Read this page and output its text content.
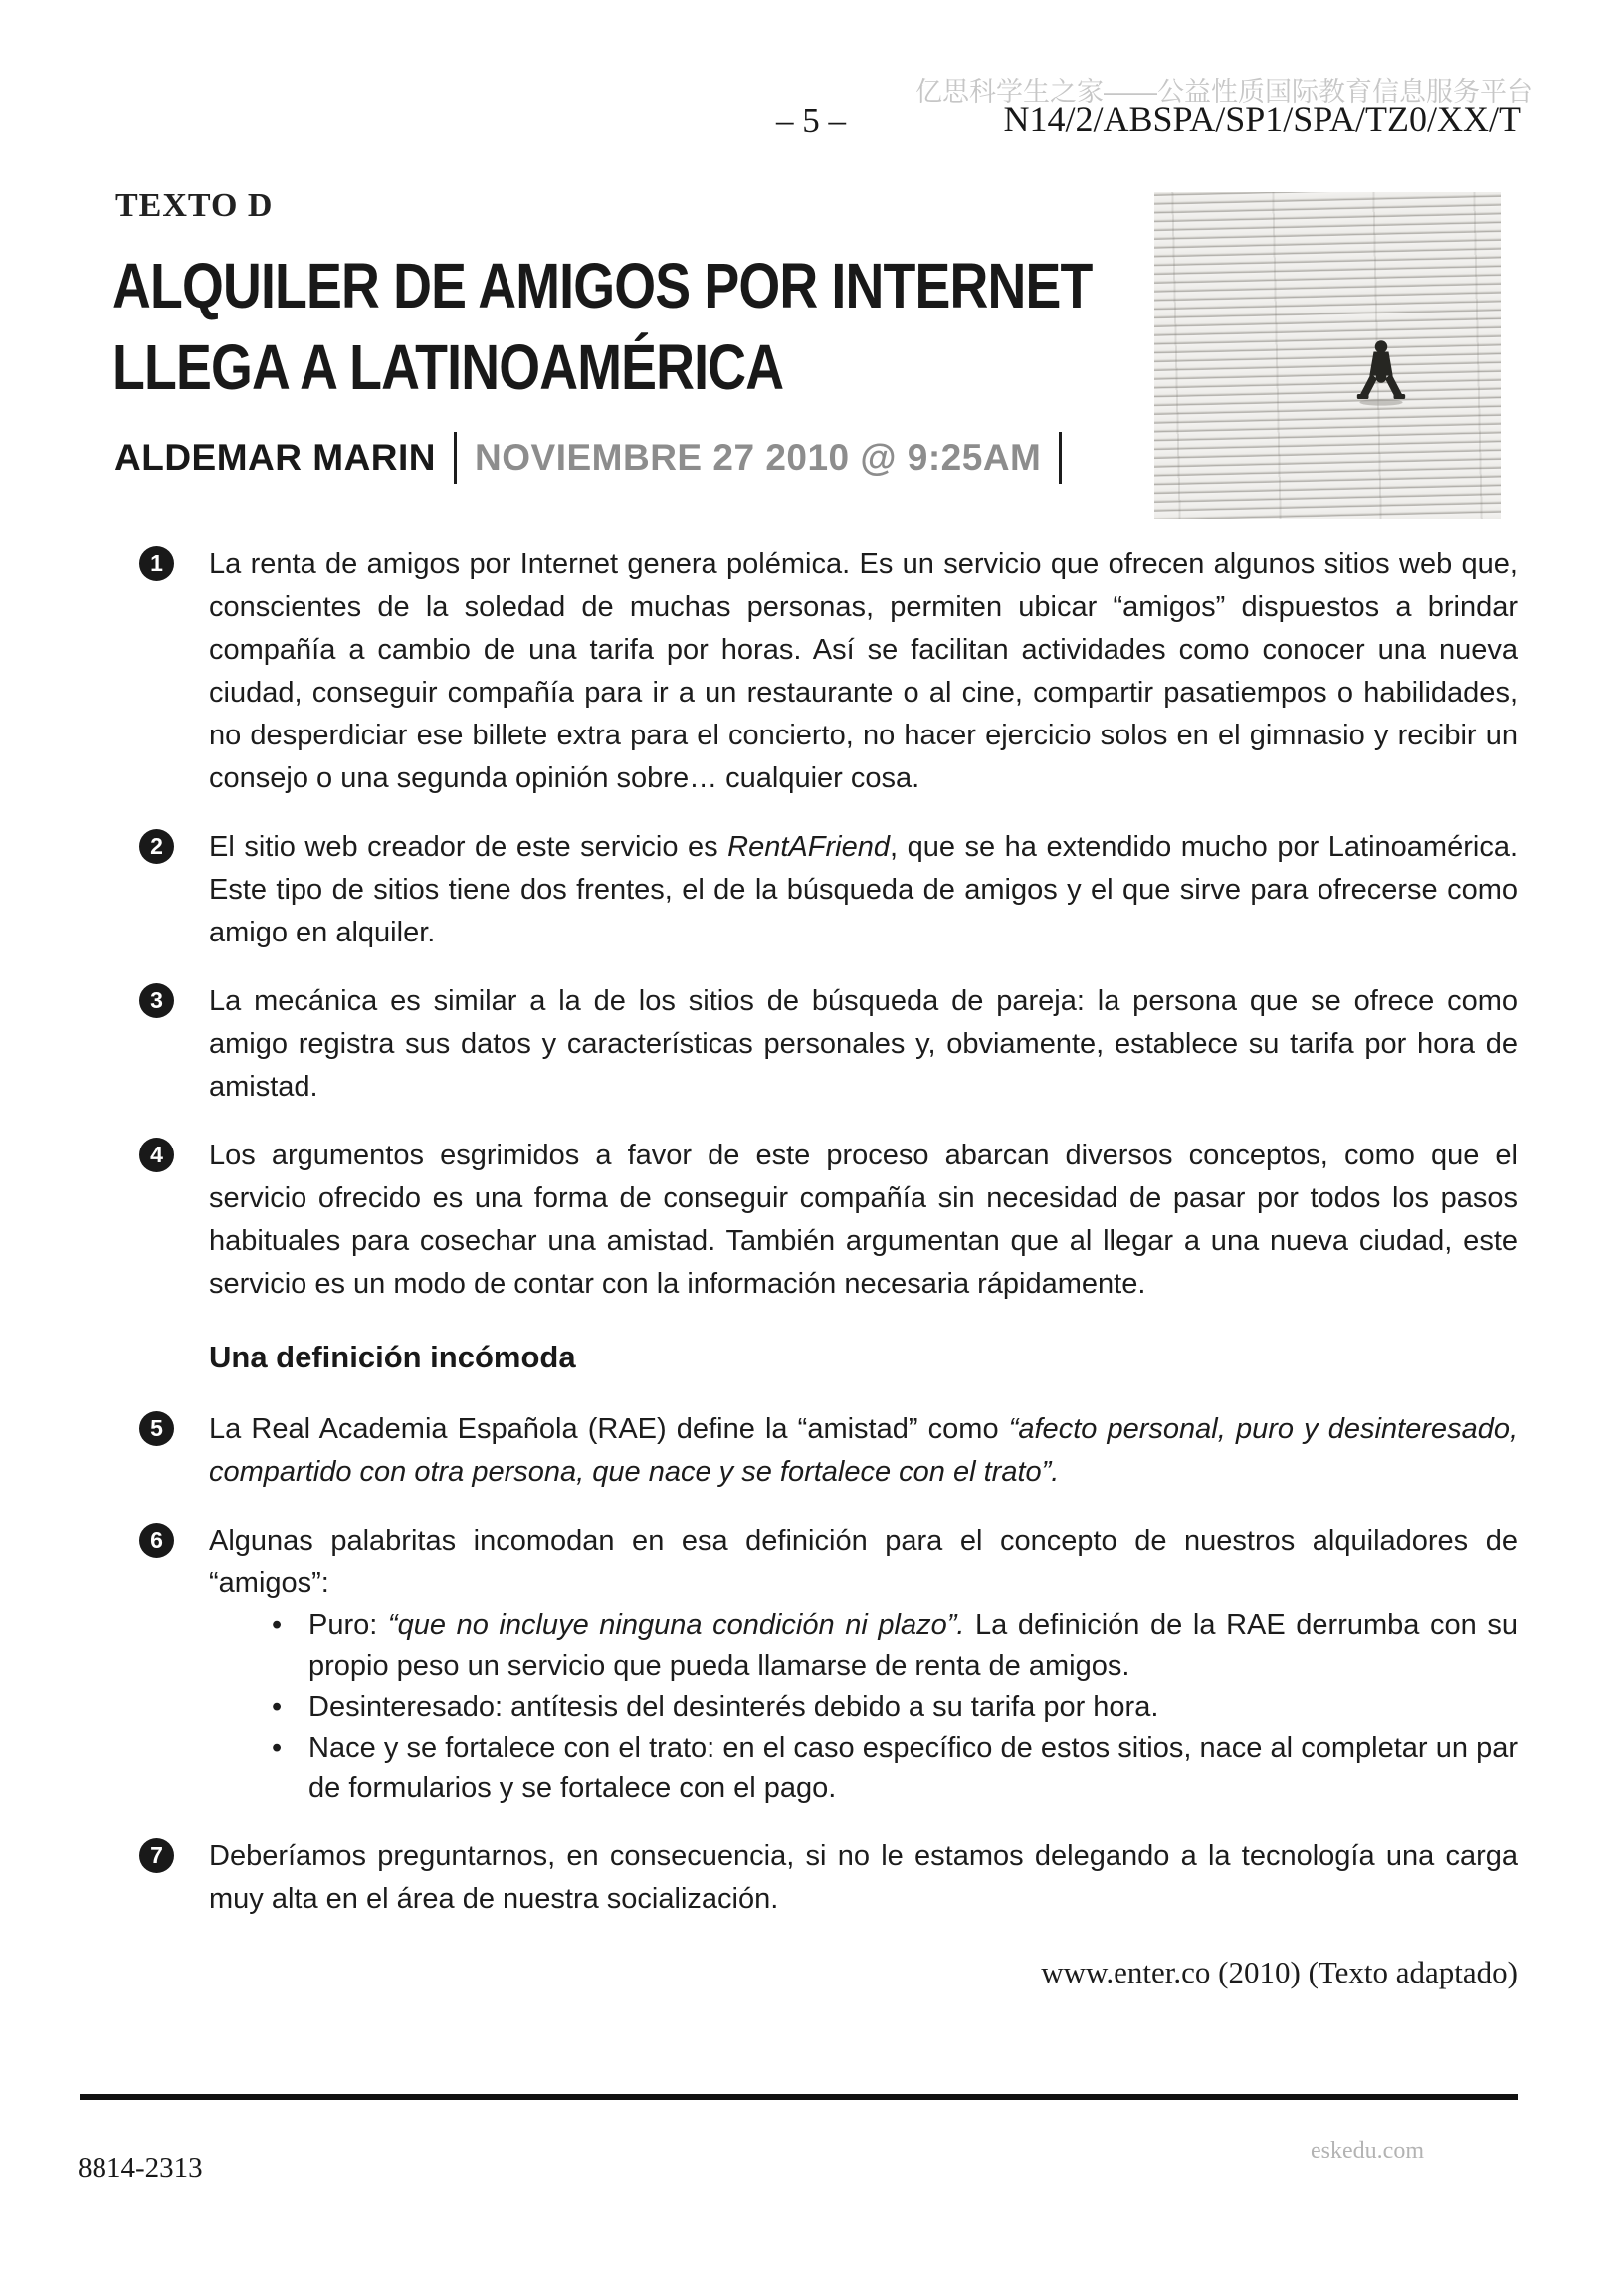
亿思科学生之家——公益性质国际教育信息服务平台
– 5 –	N14/2/ABSPA/SP1/SPA/TZ0/XX/T
TEXTO D
ALQUILER DE AMIGOS POR INTERNET
LLEGA A LATINOAMÉRICA
ALDEMAR MARIN NOVIEMBRE 27 2010 @ 9:25AM
1	La renta de amigos por Internet genera polémica. Es un servicio que ofrecen algunos sitios web que, conscientes de la soledad de muchas personas, permiten ubicar “amigos” dispuestos a brindar compañía a cambio de una tarifa por horas. Así se facilitan actividades como conocer una nueva ciudad, conseguir compañía para ir a un restaurante o al cine, compartir pasatiempos o habilidades, no desperdiciar ese billete extra para el concierto, no hacer ejercicio solos en el gimnasio y recibir un consejo o una segunda opinión sobre… cualquier cosa.
2	El sitio web creador de este servicio es RentAFriend, que se ha extendido mucho por Latinoamérica. Este tipo de sitios tiene dos frentes, el de la búsqueda de amigos y el que sirve para ofrecerse como amigo en alquiler.
3	La mecánica es similar a la de los sitios de búsqueda de pareja: la persona que se ofrece como amigo registra sus datos y características personales y, obviamente, establece su tarifa por hora de amistad.
4	Los argumentos esgrimidos a favor de este proceso abarcan diversos conceptos, como que el servicio ofrecido es una forma de conseguir compañía sin necesidad de pasar por todos los pasos habituales para cosechar una amistad. También argumentan que al llegar a una nueva ciudad, este servicio es un modo de contar con la información necesaria rápidamente.
Una definición incómoda
5	La Real Academia Española (RAE) define la “amistad” como “afecto personal, puro y desinteresado, compartido con otra persona, que nace y se fortalece con el trato”.
6	Algunas palabritas incomodan en esa definición para el concepto de nuestros alquiladores de “amigos”:
• Puro: “que no incluye ninguna condición ni plazo”. La definición de la RAE derrumba con su propio peso un servicio que pueda llamarse de renta de amigos.
• Desinteresado: antítesis del desinterés debido a su tarifa por hora.
• Nace y se fortalece con el trato: en el caso específico de estos sitios, nace al completar un par de formularios y se fortalece con el pago.
7	Deberíamos preguntarnos, en consecuencia, si no le estamos delegando a la tecnología una carga muy alta en el área de nuestra socialización.
www.enter.co (2010) (Texto adaptado)
8814-2313
eskedu.com
